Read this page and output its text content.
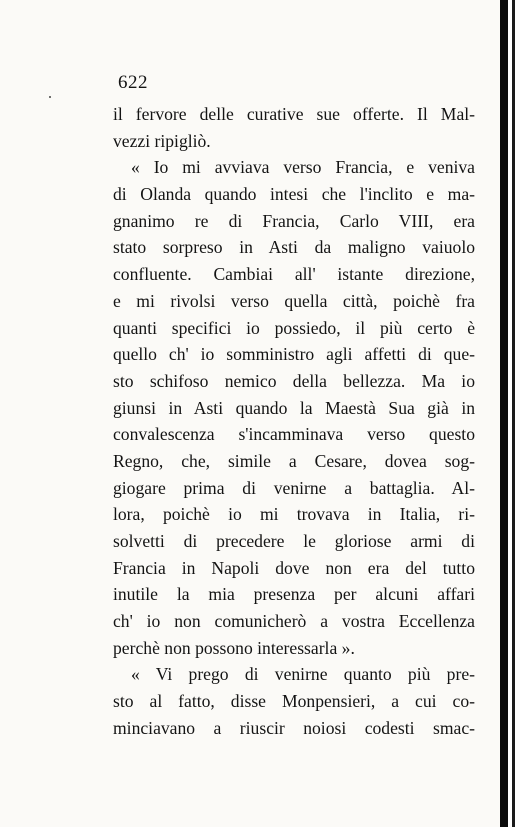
622
il fervore delle curative sue offerte. Il Mal-
vezzi ripigliò.
« Io mi avviava verso Francia, e veniva
di Olanda quando intesi che l'inclito e ma-
gnanimo re di Francia, Carlo VIII, era
stato sorpreso in Asti da maligno vaiuolo
confluente. Cambiai all' istante direzione,
e mi rivolsi verso quella città, poichè fra
quanti specifici io possiedo, il più certo è
quello ch' io somministro agli affetti di que-
sto schifoso nemico della bellezza. Ma io
giunsi in Asti quando la Maestà Sua già in
convalescenza s'incamminava verso questo
Regno, che, simile a Cesare, dovea sog-
giogare prima di venirne a battaglia. Al-
lora, poichè io mi trovava in Italia, ri-
solvetti di precedere le gloriose armi di
Francia in Napoli dove non era del tutto
inutile la mia presenza per alcuni affari
ch' io non comunicherò a vostra Eccellenza
perchè non possono interessarla ».
« Vi prego di venirne quanto più pre-
sto al fatto, disse Monpensieri, a cui co-
minciavano a riuscir noiosi codesti smac-
